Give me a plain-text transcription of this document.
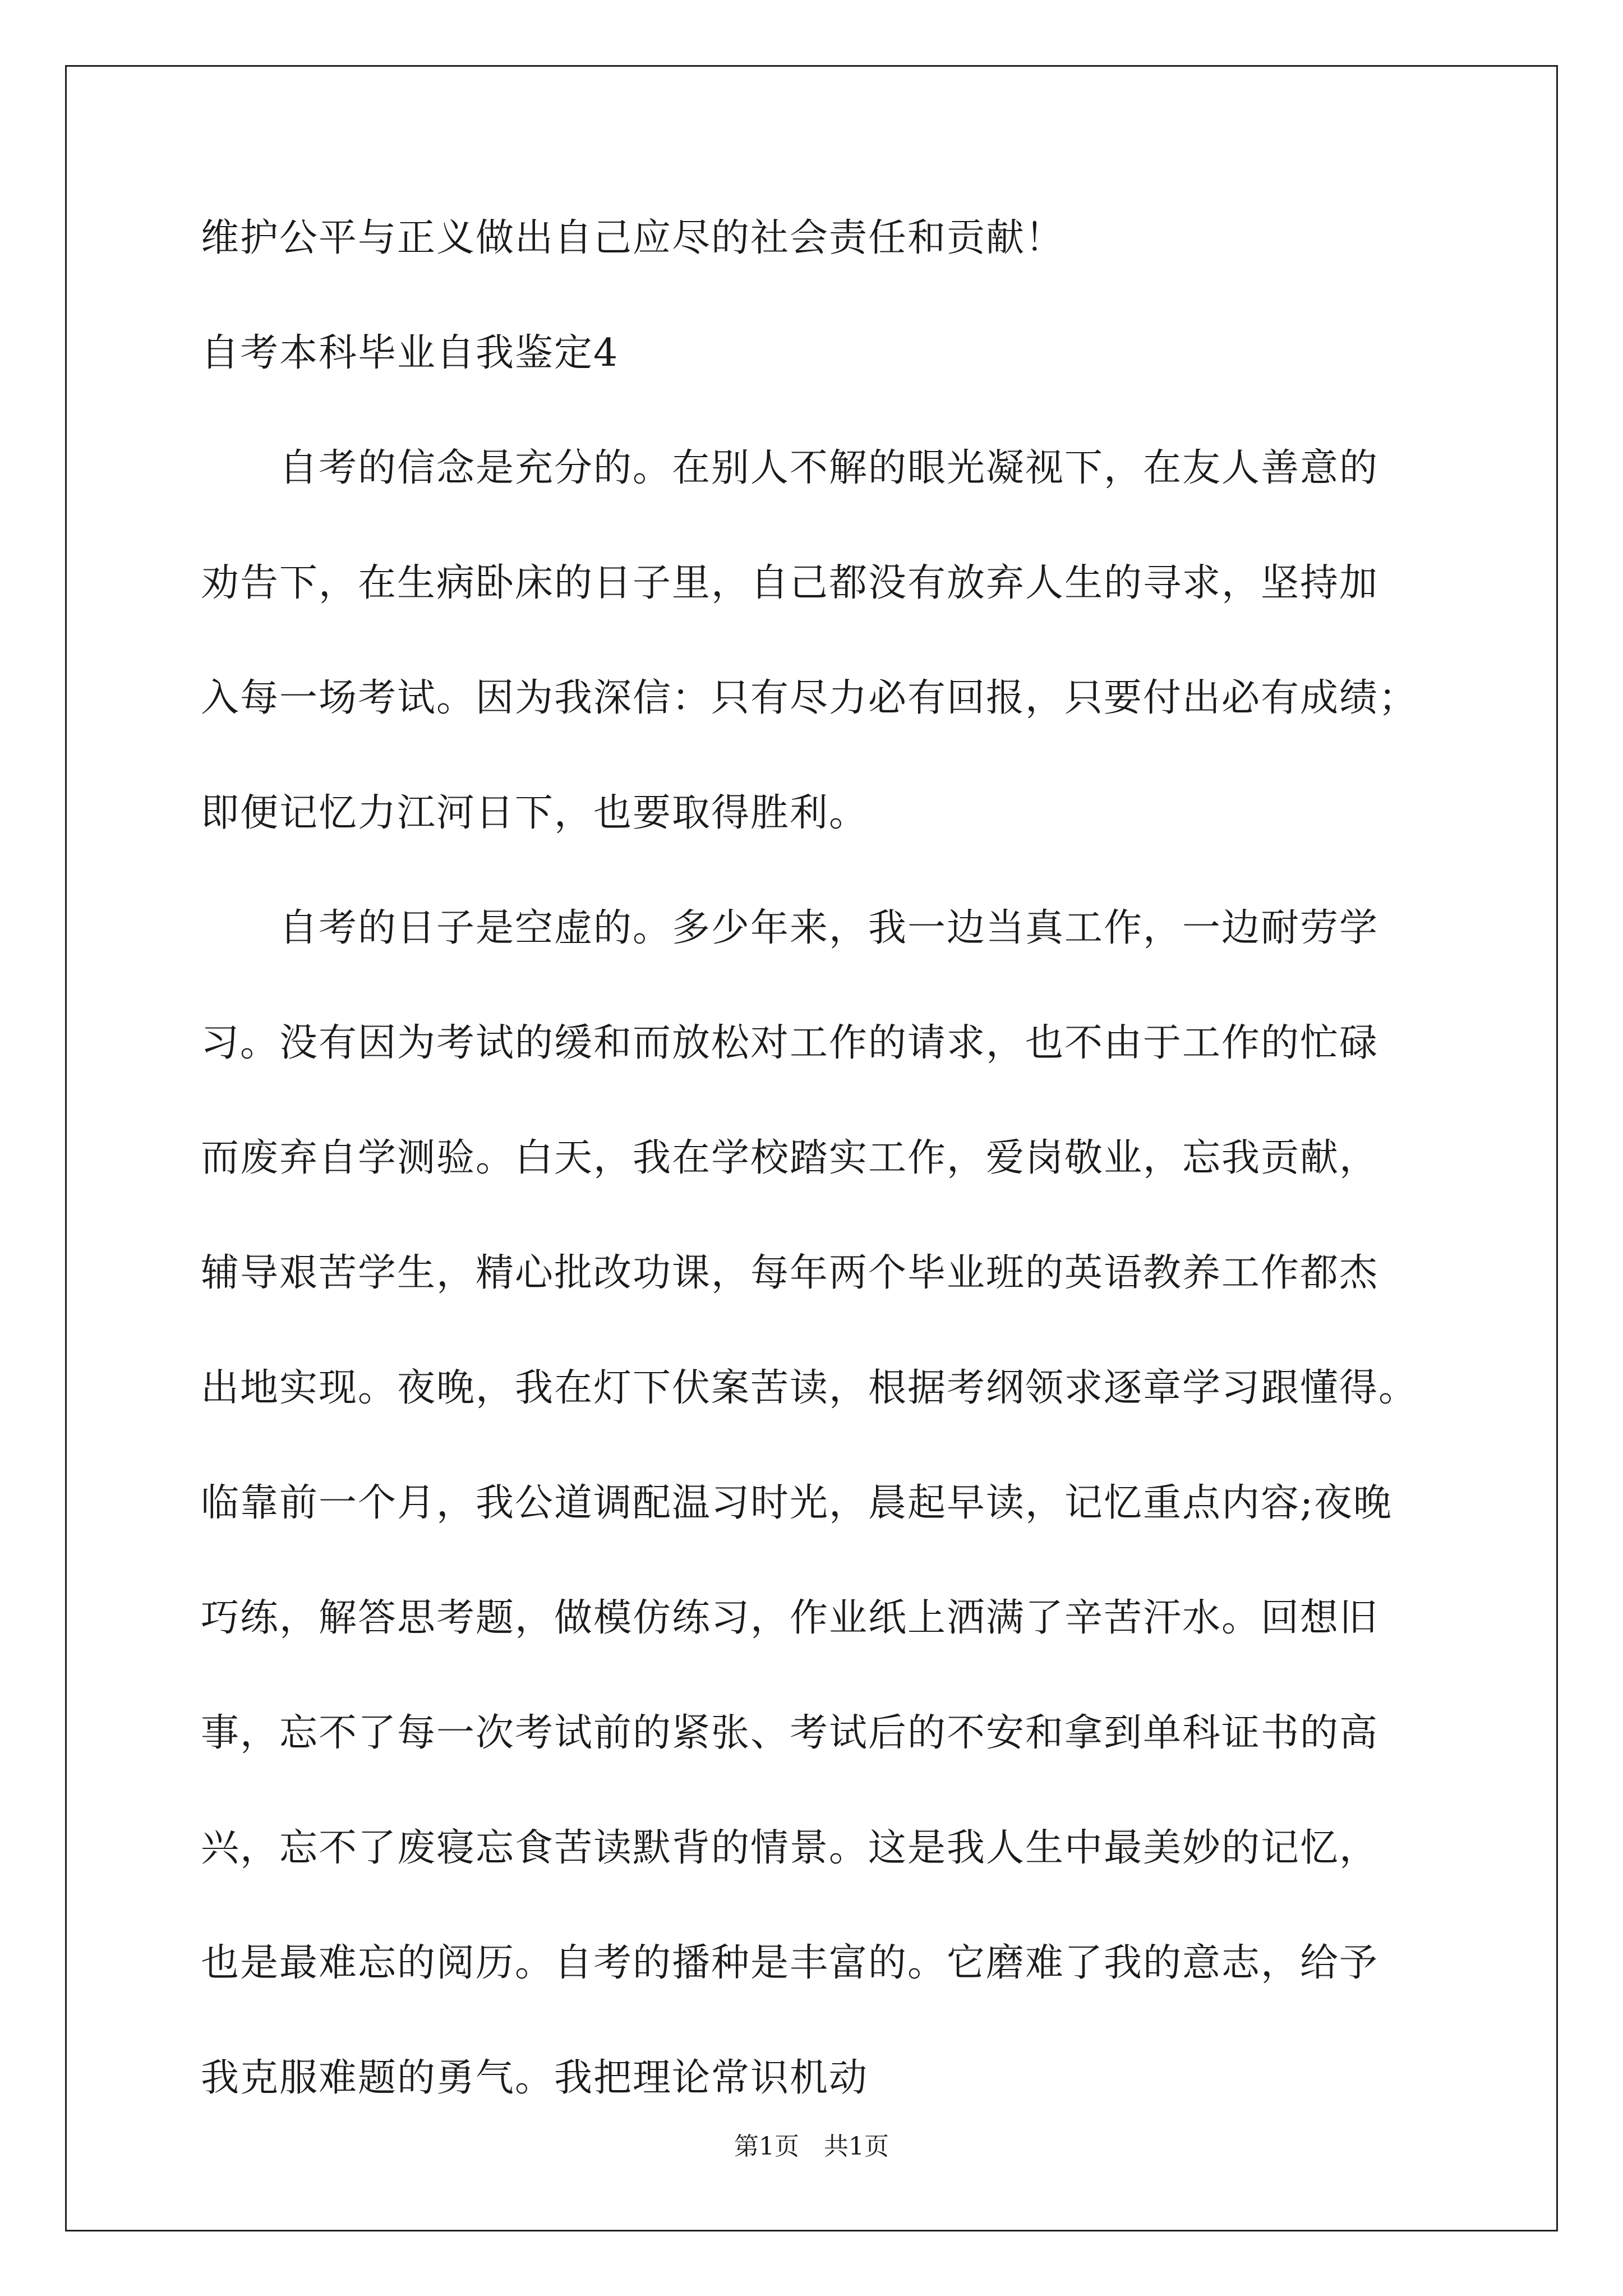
维护公平与正义做出自己应尽的社会责任和贡献！

自考本科毕业自我鉴定4

　　自考的信念是充分的。在别人不解的眼光凝视下，在友人善意的
劝告下，在生病卧床的日子里，自己都没有放弃人生的寻求，坚持加
入每一场考试。因为我深信：只有尽力必有回报，只要付出必有成绩；
即便记忆力江河日下，也要取得胜利。
　　自考的日子是空虚的。多少年来，我一边当真工作，一边耐劳学
习。没有因为考试的缓和而放松对工作的请求，也不由于工作的忙碌
而废弃自学测验。白天，我在学校踏实工作，爱岗敬业，忘我贡献，
辅导艰苦学生，精心批改功课，每年两个毕业班的英语教养工作都杰
出地实现。夜晚，我在灯下伏案苦读，根据考纲领求逐章学习跟懂得。
临靠前一个月，我公道调配温习时光，晨起早读，记忆重点内容;夜晚
巧练，解答思考题，做模仿练习，作业纸上洒满了辛苦汗水。回想旧
事，忘不了每一次考试前的紧张、考试后的不安和拿到单科证书的高
兴，忘不了废寝忘食苦读默背的情景。这是我人生中最美妙的记忆，
也是最难忘的阅历。自考的播种是丰富的。它磨难了我的意志，给予
我克服难题的勇气。我把理论常识机动
第1页　共1页
